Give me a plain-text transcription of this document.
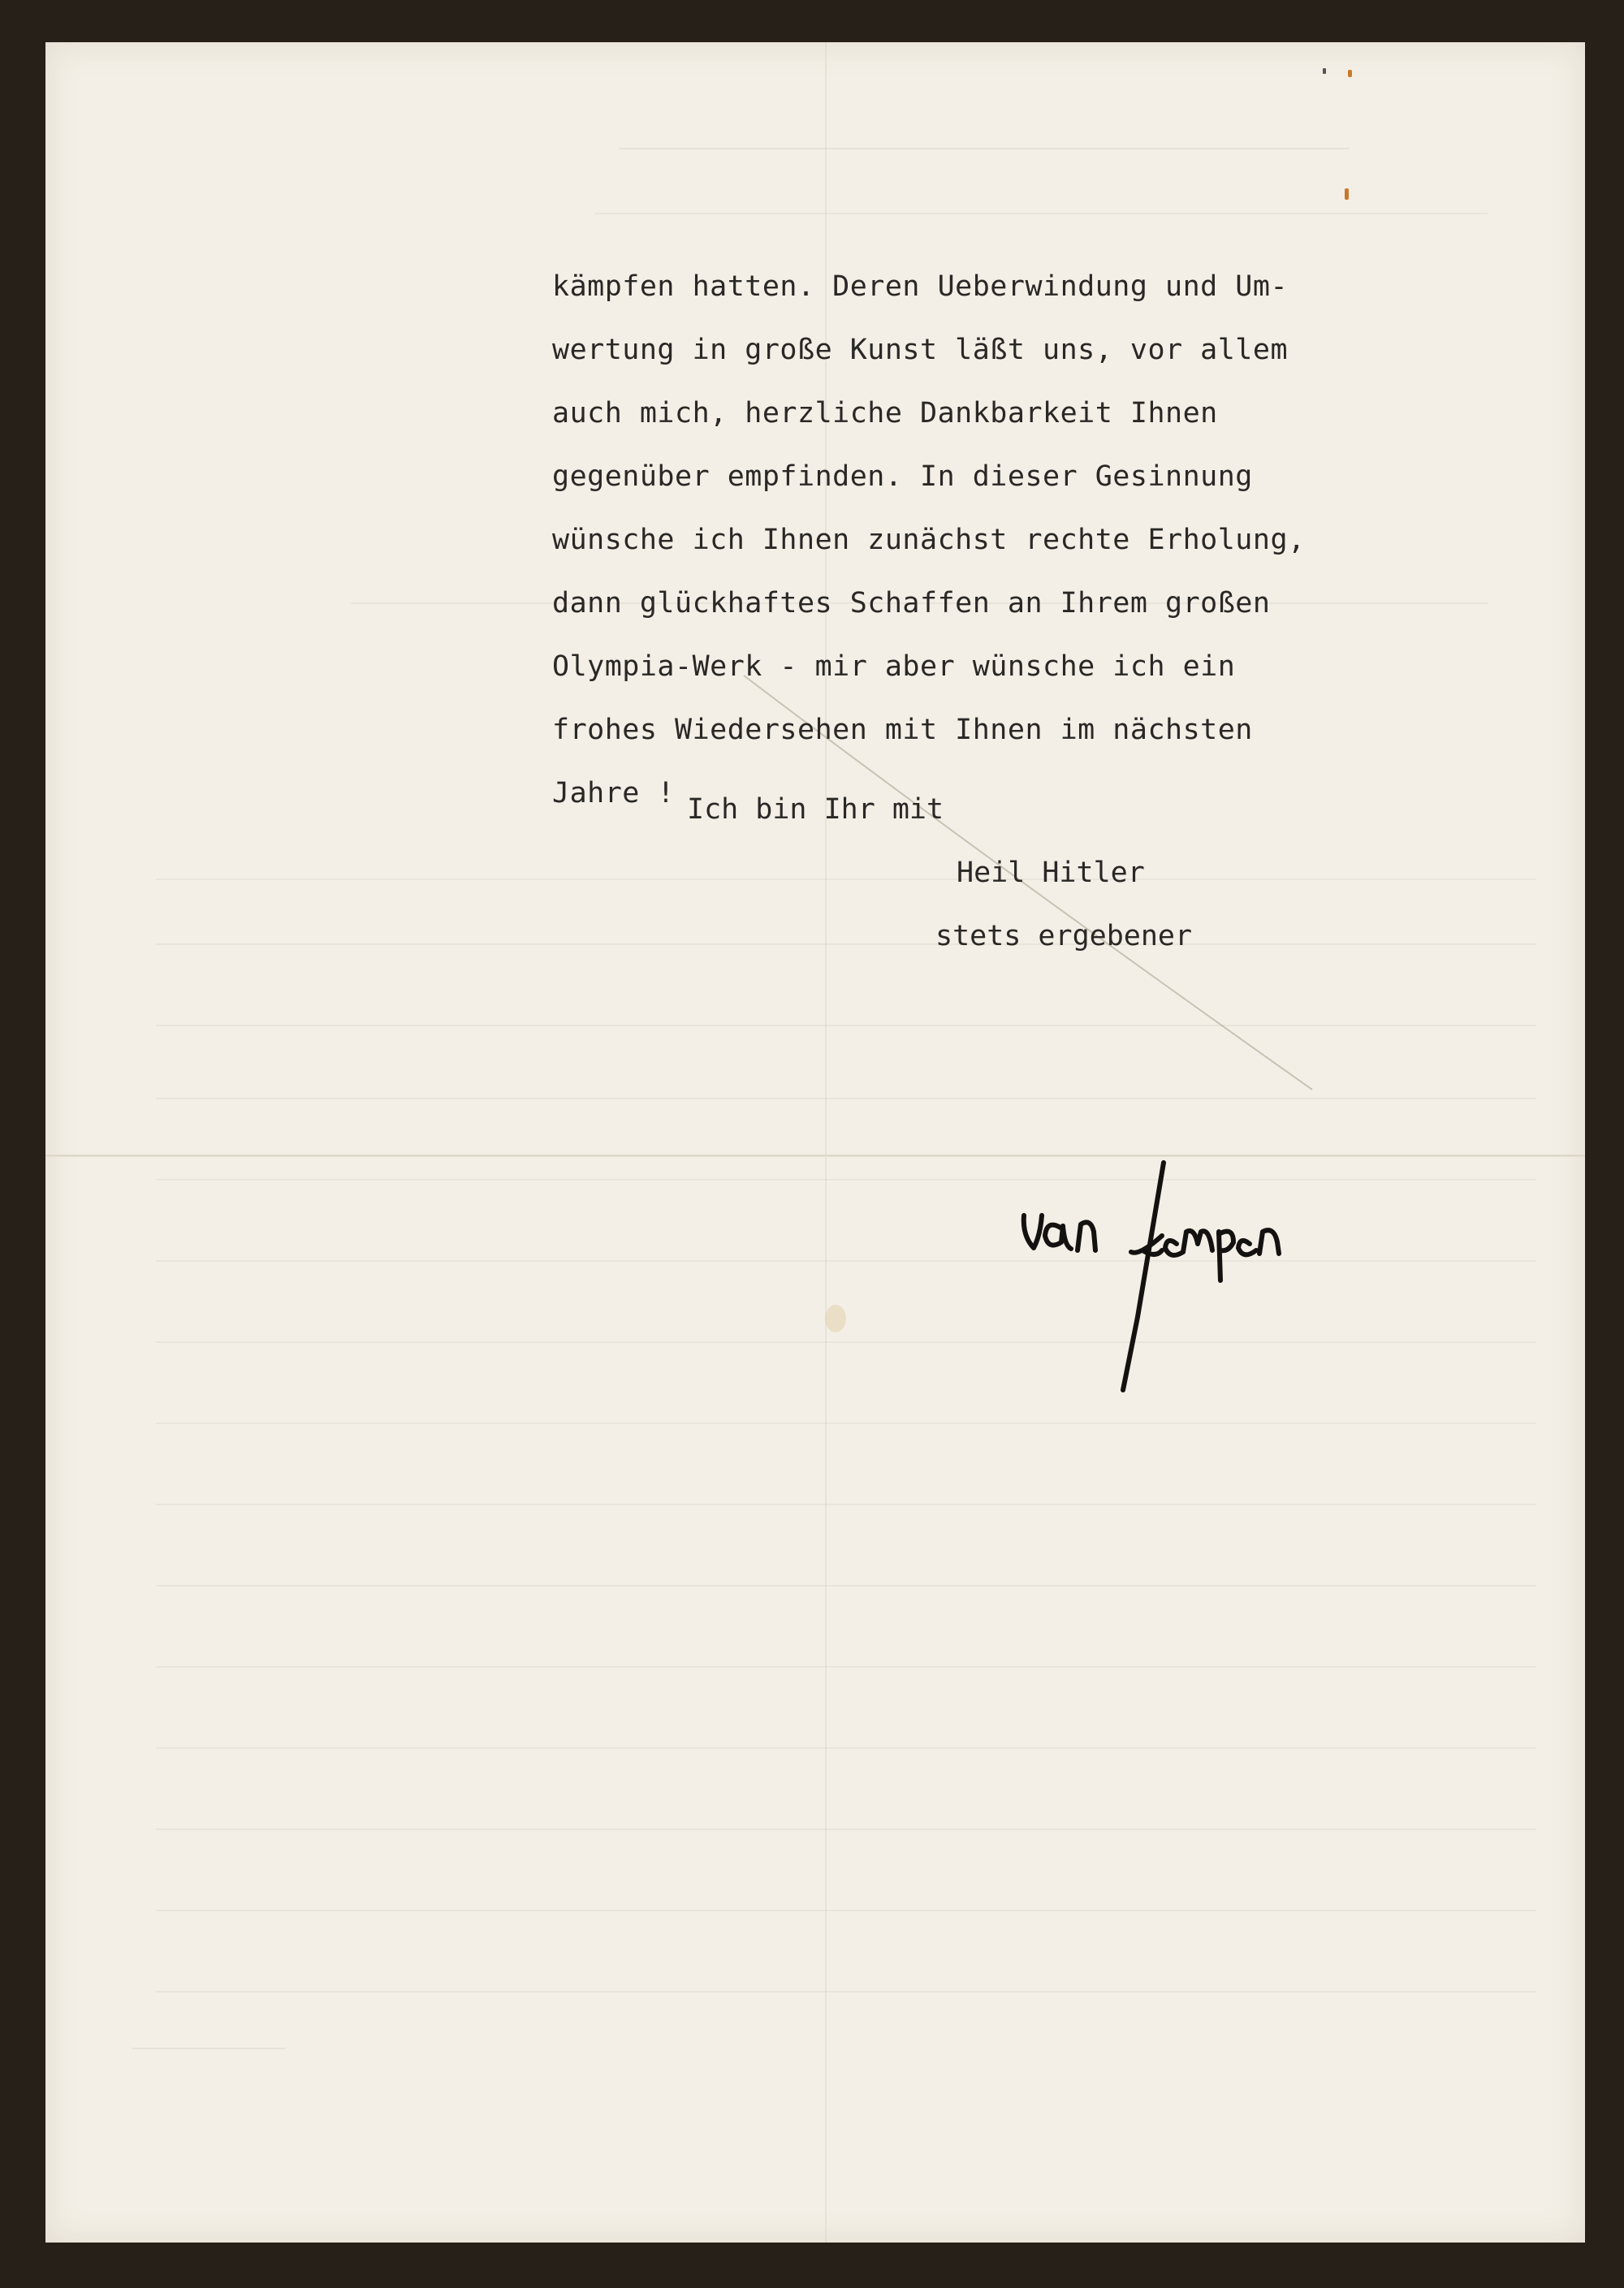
kämpfen hatten. Deren Ueberwindung und Um-
wertung in große Kunst läßt uns, vor allem
auch mich, herzliche Dankbarkeit Ihnen
gegenüber empfinden. In dieser Gesinnung
wünsche ich Ihnen zunächst rechte Erholung,
dann glückhaftes Schaffen an Ihrem großen
Olympia-Werk - mir aber wünsche ich ein
frohes Wiedersehen mit Ihnen im nächsten
Jahre ! Ich bin Ihr mit
Heil Hitler
stets ergebener
